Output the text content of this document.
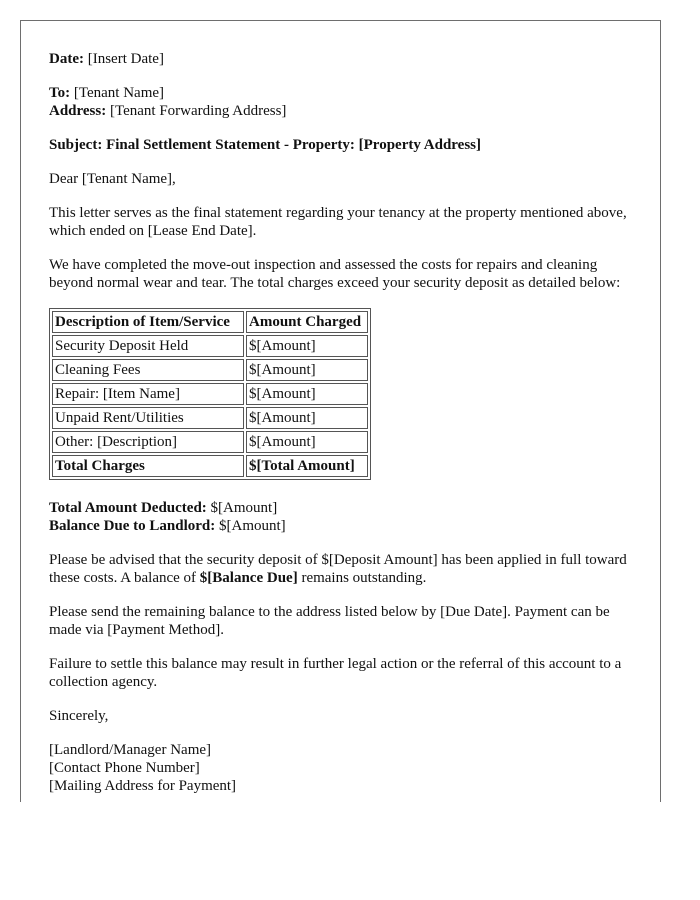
Date: [Insert Date]

To: [Tenant Name]
Address: [Tenant Forwarding Address]

Subject: Final Settlement Statement - Property: [Property Address]

Dear [Tenant Name],

This letter serves as the final statement regarding your tenancy at the property mentioned above, which ended on [Lease End Date].

We have completed the move-out inspection and assessed the costs for repairs and cleaning beyond normal wear and tear. The total charges exceed your security deposit as detailed below:

Description of Item/Service	Amount Charged
Security Deposit Held	$[Amount]
Cleaning Fees	$[Amount]
Repair: [Item Name]	$[Amount]
Unpaid Rent/Utilities	$[Amount]
Other: [Description]	$[Amount]
Total Charges	$[Total Amount]

Total Amount Deducted: $[Amount]
Balance Due to Landlord: $[Amount]

Please be advised that the security deposit of $[Deposit Amount] has been applied in full toward these costs. A balance of $[Balance Due] remains outstanding.

Please send the remaining balance to the address listed below by [Due Date]. Payment can be made via [Payment Method].

Failure to settle this balance may result in further legal action or the referral of this account to a collection agency.

Sincerely,

[Landlord/Manager Name]
[Contact Phone Number]
[Mailing Address for Payment]
